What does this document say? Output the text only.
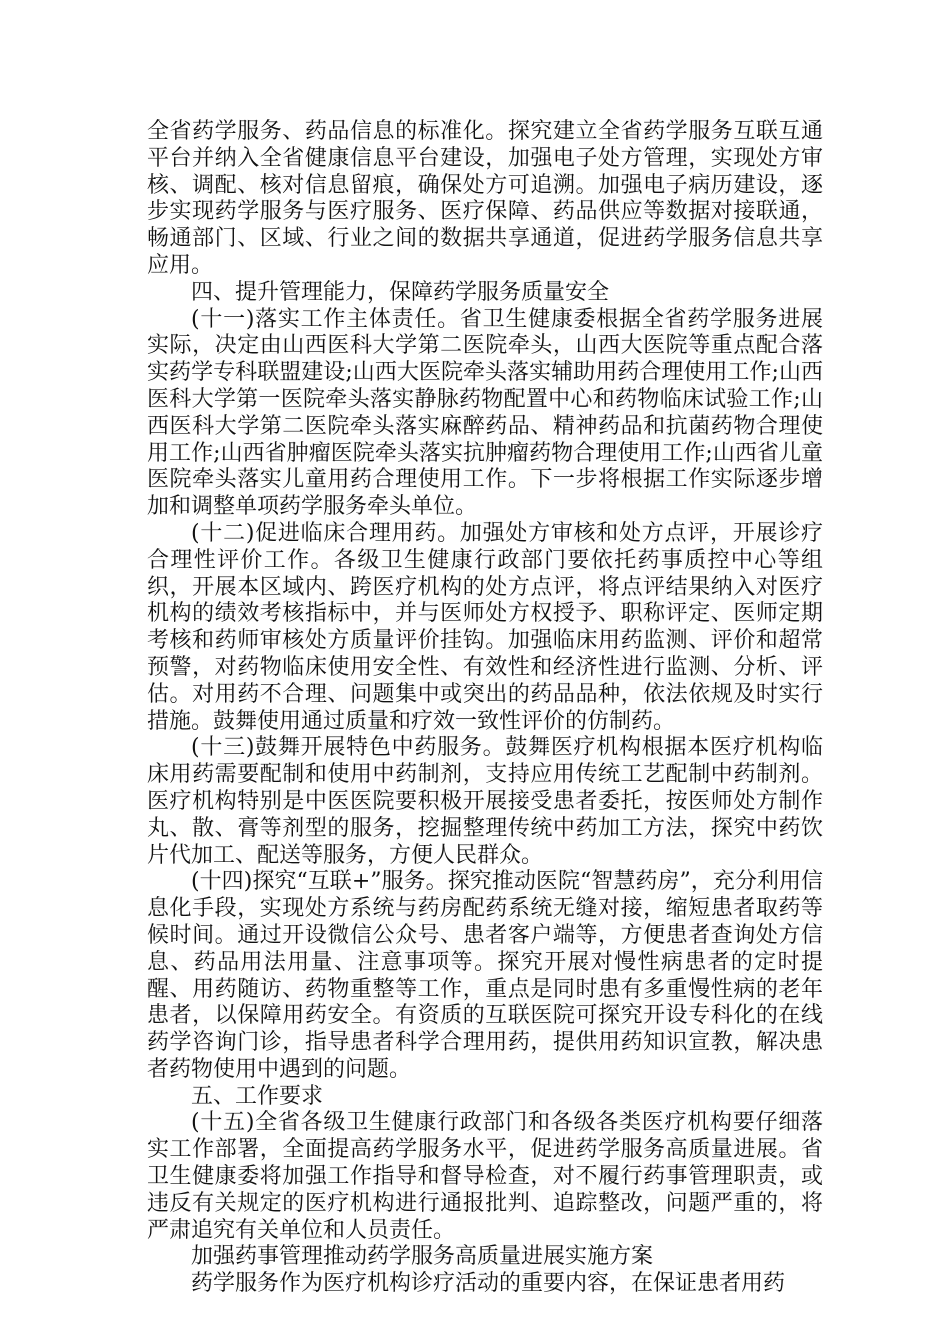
全省药学服务、药品信息的标准化。探究建立全省药学服务互联互通平台并纳入全省健康信息平台建设，加强电子处方管理，实现处方审核、调配、核对信息留痕，确保处方可追溯。加强电子病历建设，逐步实现药学服务与医疗服务、医疗保障、药品供应等数据对接联通，畅通部门、区域、行业之间的数据共享通道，促进药学服务信息共享应用。

四、提升管理能力，保障药学服务质量安全

(十一)落实工作主体责任。省卫生健康委根据全省药学服务进展实际，决定由山西医科大学第二医院牵头，山西大医院等重点配合落实药学专科联盟建设;山西大医院牵头落实辅助用药合理使用工作;山西医科大学第一医院牵头落实静脉药物配置中心和药物临床试验工作;山西医科大学第二医院牵头落实麻醉药品、精神药品和抗菌药物合理使用工作;山西省肿瘤医院牵头落实抗肿瘤药物合理使用工作;山西省儿童医院牵头落实儿童用药合理使用工作。下一步将根据工作实际逐步增加和调整单项药学服务牵头单位。

(十二)促进临床合理用药。加强处方审核和处方点评，开展诊疗合理性评价工作。各级卫生健康行政部门要依托药事质控中心等组织，开展本区域内、跨医疗机构的处方点评，将点评结果纳入对医疗机构的绩效考核指标中，并与医师处方权授予、职称评定、医师定期考核和药师审核处方质量评价挂钩。加强临床用药监测、评价和超常预警，对药物临床使用安全性、有效性和经济性进行监测、分析、评估。对用药不合理、问题集中或突出的药品品种，依法依规及时实行措施。鼓舞使用通过质量和疗效一致性评价的仿制药。

(十三)鼓舞开展特色中药服务。鼓舞医疗机构根据本医疗机构临床用药需要配制和使用中药制剂，支持应用传统工艺配制中药制剂。医疗机构特别是中医医院要积极开展接受患者委托，按医师处方制作丸、散、膏等剂型的服务，挖掘整理传统中药加工方法，探究中药饮片代加工、配送等服务，方便人民群众。

(十四)探究“互联+”服务。探究推动医院“智慧药房”，充分利用信息化手段，实现处方系统与药房配药系统无缝对接，缩短患者取药等候时间。通过开设微信公众号、患者客户端等，方便患者查询处方信息、药品用法用量、注意事项等。探究开展对慢性病患者的定时提醒、用药随访、药物重整等工作，重点是同时患有多重慢性病的老年患者，以保障用药安全。有资质的互联医院可探究开设专科化的在线药学咨询门诊，指导患者科学合理用药，提供用药知识宣教，解决患者药物使用中遇到的问题。

五、工作要求

(十五)全省各级卫生健康行政部门和各级各类医疗机构要仔细落实工作部署，全面提高药学服务水平，促进药学服务高质量进展。省卫生健康委将加强工作指导和督导检查，对不履行药事管理职责，或违反有关规定的医疗机构进行通报批判、追踪整改，问题严重的，将严肃追究有关单位和人员责任。

加强药事管理推动药学服务高质量进展实施方案

药学服务作为医疗机构诊疗活动的重要内容，在保证患者用药
